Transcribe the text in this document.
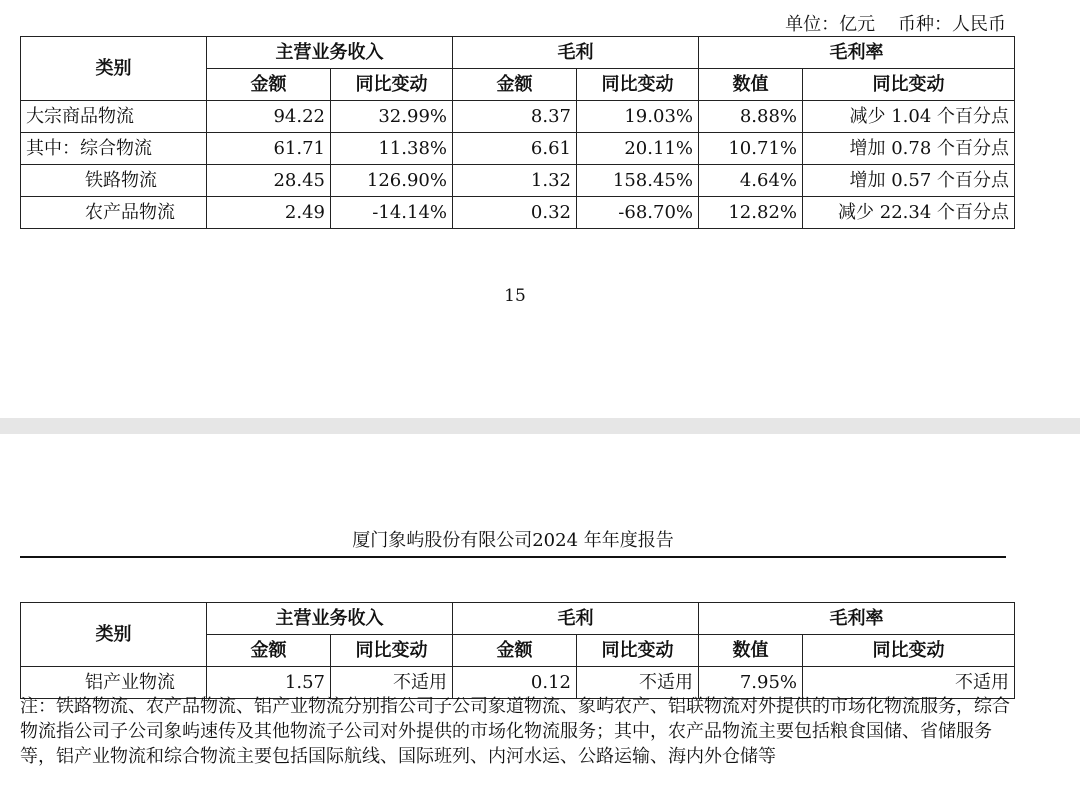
单位：亿元    币种：人民币
类别	主营业务收入		毛利		毛利率	
	金额	同比变动	金额	同比变动	数值	同比变动
大宗商品物流	94.22	32.99%	8.37	19.03%	8.88%	减少 1.04 个百分点
其中：综合物流	61.71	11.38%	6.61	20.11%	10.71%	增加 0.78 个百分点
铁路物流	28.45	126.90%	1.32	158.45%	4.64%	增加 0.57 个百分点
农产品物流	2.49	-14.14%	0.32	-68.70%	12.82%	减少 22.34 个百分点
15
厦门象屿股份有限公司2024 年年度报告
类别	主营业务收入		毛利		毛利率	
	金额	同比变动	金额	同比变动	数值	同比变动
铝产业物流	1.57	不适用	0.12	不适用	7.95%	不适用
注：铁路物流、农产品物流、铝产业物流分别指公司子公司象道物流、象屿农产、铝联物流对外提供的市场化物流服务，综合物流指公司子公司象屿速传及其他物流子公司对外提供的市场化物流服务；其中，农产品物流主要包括粮食国储、省储服务等，铝产业物流和综合物流主要包括国际航线、国际班列、内河水运、公路运输、海内外仓储等
